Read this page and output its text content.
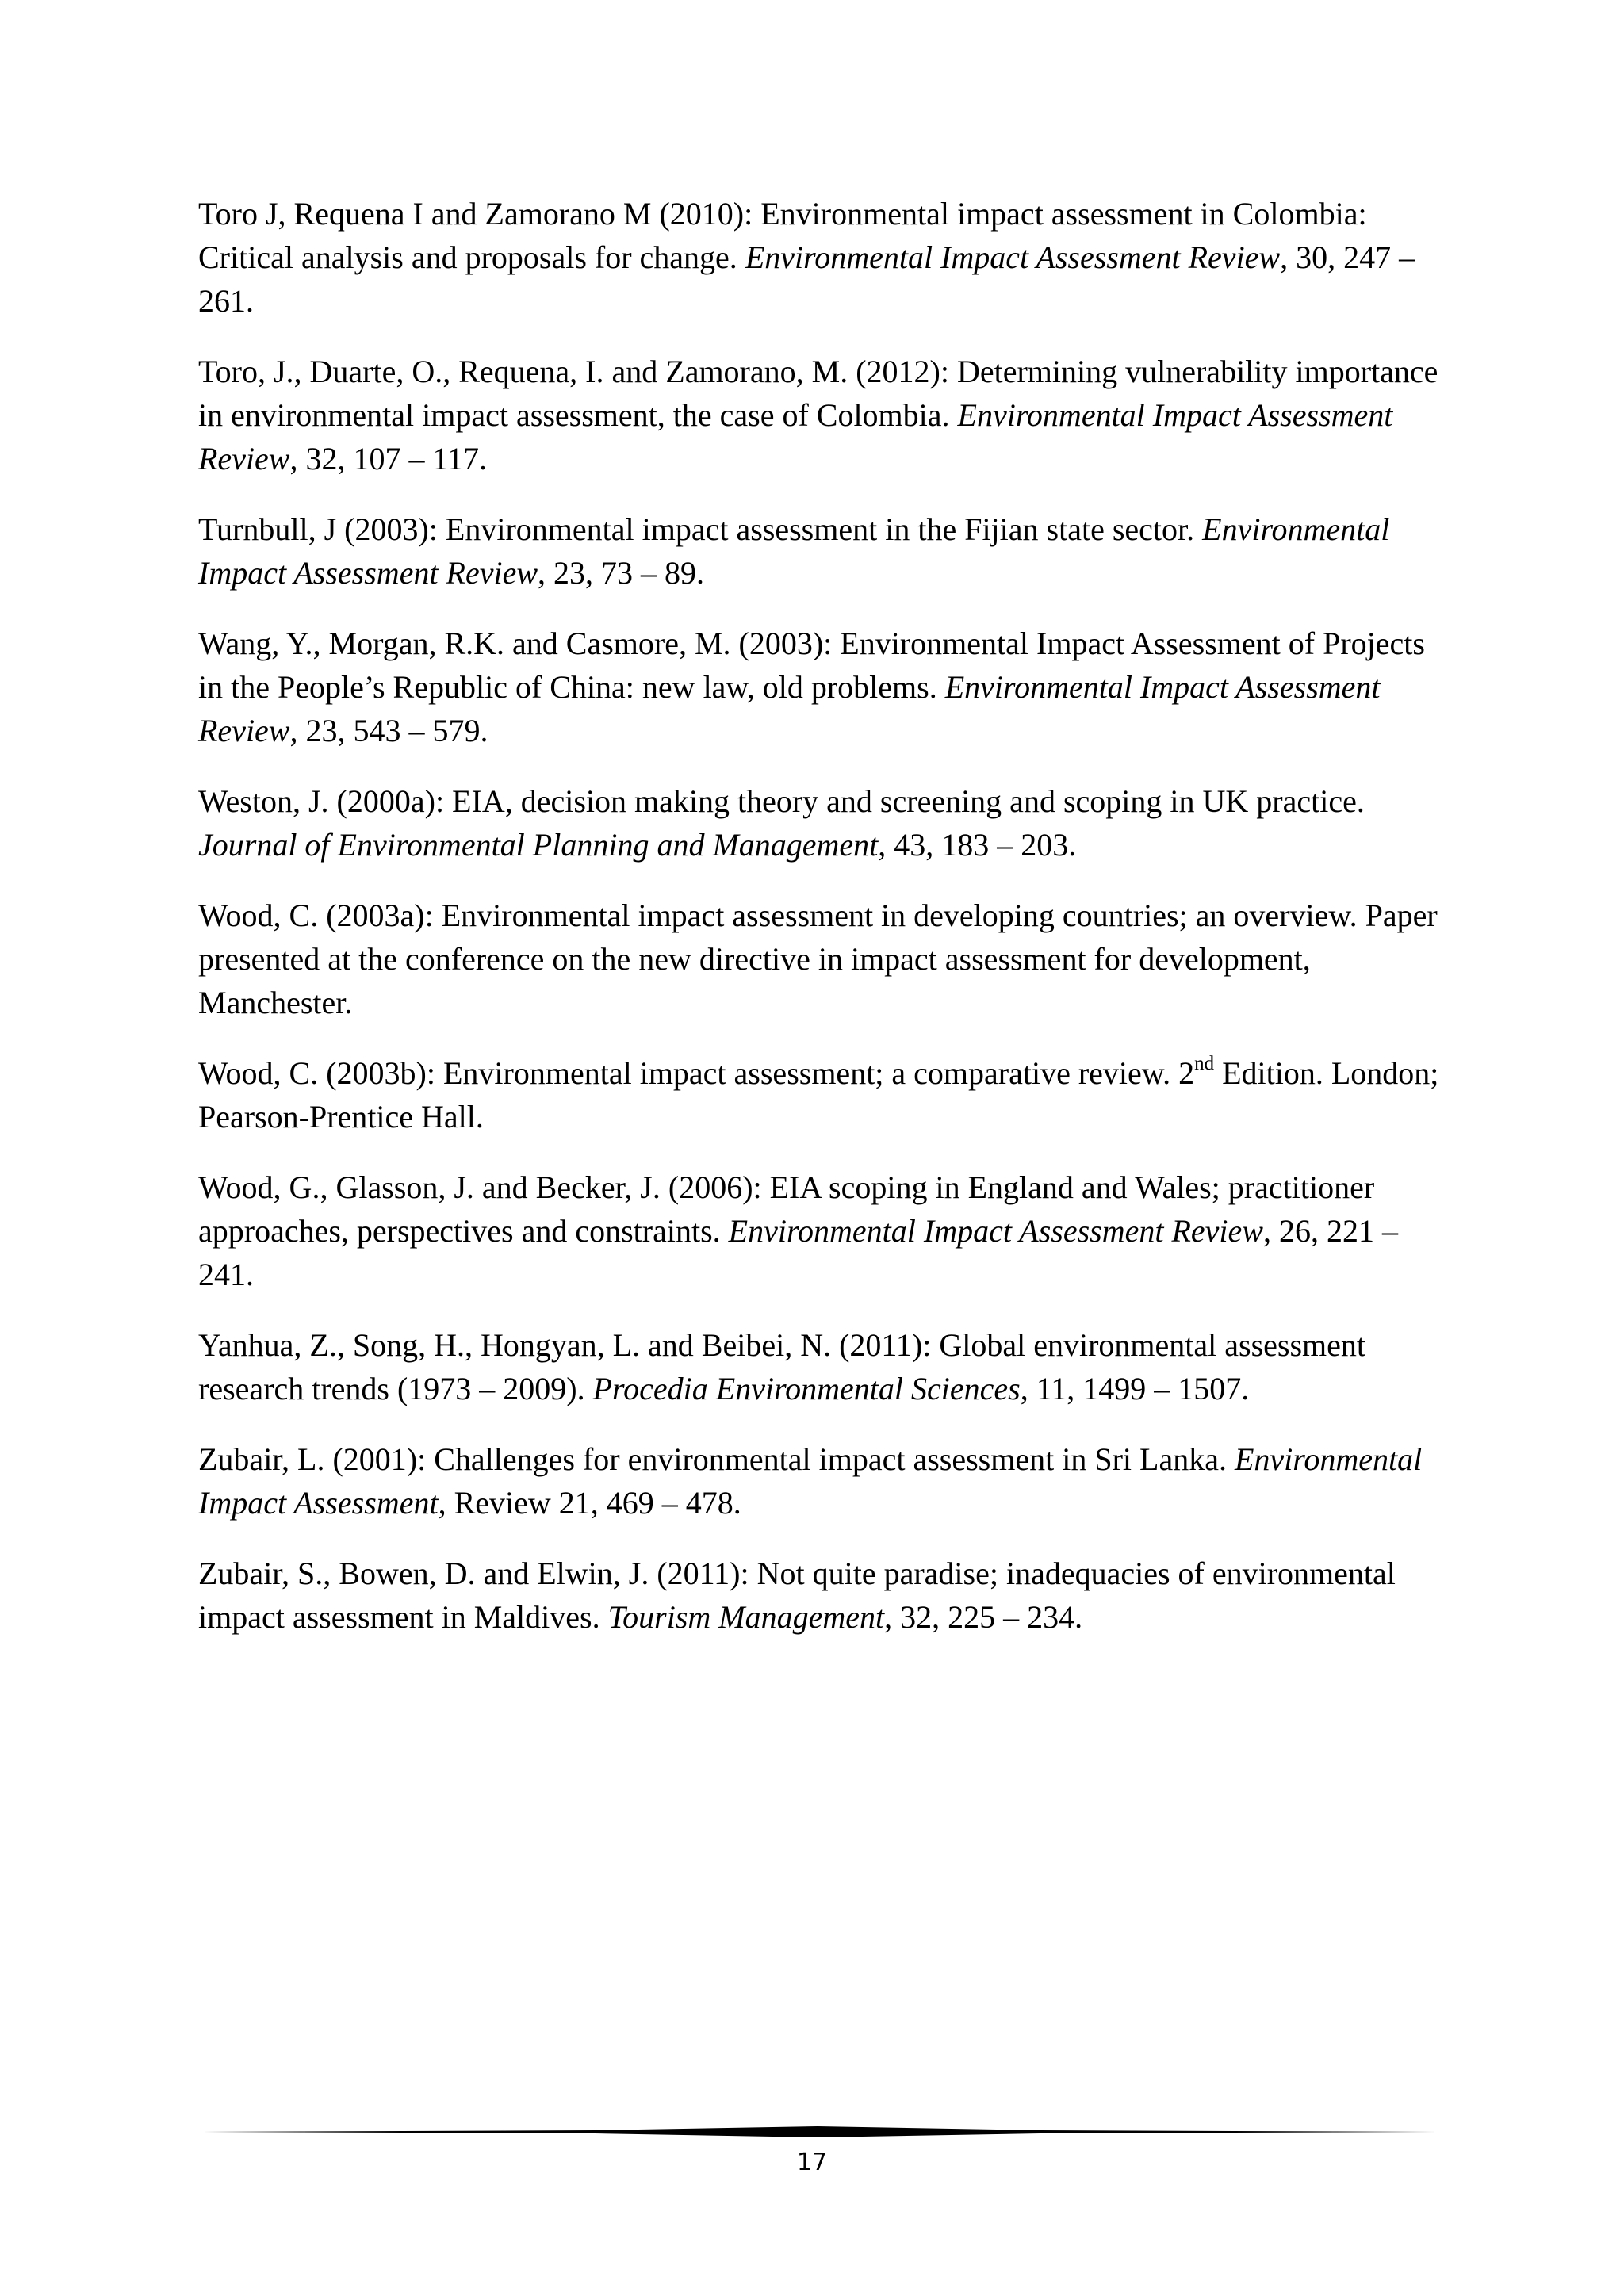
Toro J, Requena I and Zamorano M (2010): Environmental impact assessment in Colombia: Critical analysis and proposals for change. Environmental Impact Assessment Review, 30, 247 – 261.

Toro, J., Duarte, O., Requena, I. and Zamorano, M. (2012): Determining vulnerability importance in environmental impact assessment, the case of Colombia. Environmental Impact Assessment Review, 32, 107 – 117.

Turnbull, J (2003): Environmental impact assessment in the Fijian state sector. Environmental Impact Assessment Review, 23, 73 – 89.

Wang, Y., Morgan, R.K. and Casmore, M. (2003): Environmental Impact Assessment of Projects in the People’s Republic of China: new law, old problems. Environmental Impact Assessment Review, 23, 543 – 579.

Weston, J. (2000a): EIA, decision making theory and screening and scoping in UK practice. Journal of Environmental Planning and Management, 43, 183 – 203.

Wood, C. (2003a): Environmental impact assessment in developing countries; an overview. Paper presented at the conference on the new directive in impact assessment for development, Manchester.

Wood, C. (2003b): Environmental impact assessment; a comparative review. 2nd Edition. London; Pearson-Prentice Hall.

Wood, G., Glasson, J. and Becker, J. (2006): EIA scoping in England and Wales; practitioner approaches, perspectives and constraints. Environmental Impact Assessment Review, 26, 221 – 241.

Yanhua, Z., Song, H., Hongyan, L. and Beibei, N. (2011): Global environmental assessment research trends (1973 – 2009). Procedia Environmental Sciences, 11, 1499 – 1507.

Zubair, L. (2001): Challenges for environmental impact assessment in Sri Lanka. Environmental Impact Assessment, Review 21, 469 – 478.

Zubair, S., Bowen, D. and Elwin, J. (2011): Not quite paradise; inadequacies of environmental impact assessment in Maldives. Tourism Management, 32, 225 – 234.

17
